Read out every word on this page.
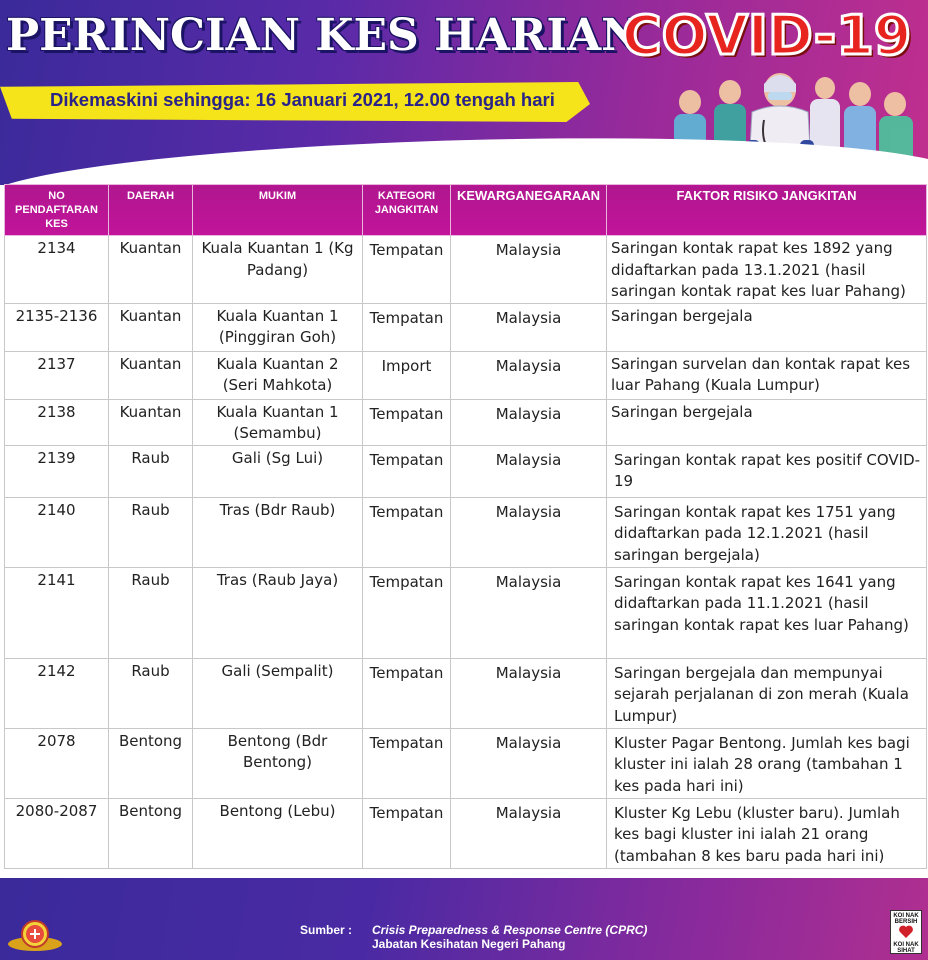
PERINCIAN KES HARIAN
COVID-19
Dikemaskini sehingga: 16 Januari 2021, 12.00 tengah hari
NO PENDAFTARAN KES	DAERAH	MUKIM	KATEGORI JANGKITAN	KEWARGANEGARAAN	FAKTOR RISIKO JANGKITAN
2134	Kuantan	Kuala Kuantan 1 (Kg Padang)	Tempatan	Malaysia	Saringan kontak rapat kes 1892 yang didaftarkan pada 13.1.2021 (hasil saringan kontak rapat kes luar Pahang)
2135-2136	Kuantan	Kuala Kuantan 1 (Pinggiran Goh)	Tempatan	Malaysia	Saringan bergejala
2137	Kuantan	Kuala Kuantan 2 (Seri Mahkota)	Import	Malaysia	Saringan survelan dan kontak rapat kes luar Pahang (Kuala Lumpur)
2138	Kuantan	Kuala Kuantan 1 (Semambu)	Tempatan	Malaysia	Saringan bergejala
2139	Raub	Gali (Sg Lui)	Tempatan	Malaysia	Saringan kontak rapat kes positif COVID-19
2140	Raub	Tras (Bdr Raub)	Tempatan	Malaysia	Saringan kontak rapat kes 1751 yang didaftarkan pada 12.1.2021 (hasil saringan bergejala)
2141	Raub	Tras (Raub Jaya)	Tempatan	Malaysia	Saringan kontak rapat kes 1641 yang didaftarkan pada 11.1.2021 (hasil saringan kontak rapat kes luar Pahang)
2142	Raub	Gali (Sempalit)	Tempatan	Malaysia	Saringan bergejala dan mempunyai sejarah perjalanan di zon merah (Kuala Lumpur)
2078	Bentong	Bentong (Bdr Bentong)	Tempatan	Malaysia	Kluster Pagar Bentong. Jumlah kes bagi kluster ini ialah 28 orang (tambahan 1 kes pada hari ini)
2080-2087	Bentong	Bentong (Lebu)	Tempatan	Malaysia	Kluster Kg Lebu (kluster baru). Jumlah kes bagi kluster ini ialah 21 orang (tambahan 8 kes baru pada hari ini)
Sumber : Crisis Preparedness & Response Centre (CPRC)
Jabatan Kesihatan Negeri Pahang
KOI NAK BERSIH
KOI NAK SIHAT
